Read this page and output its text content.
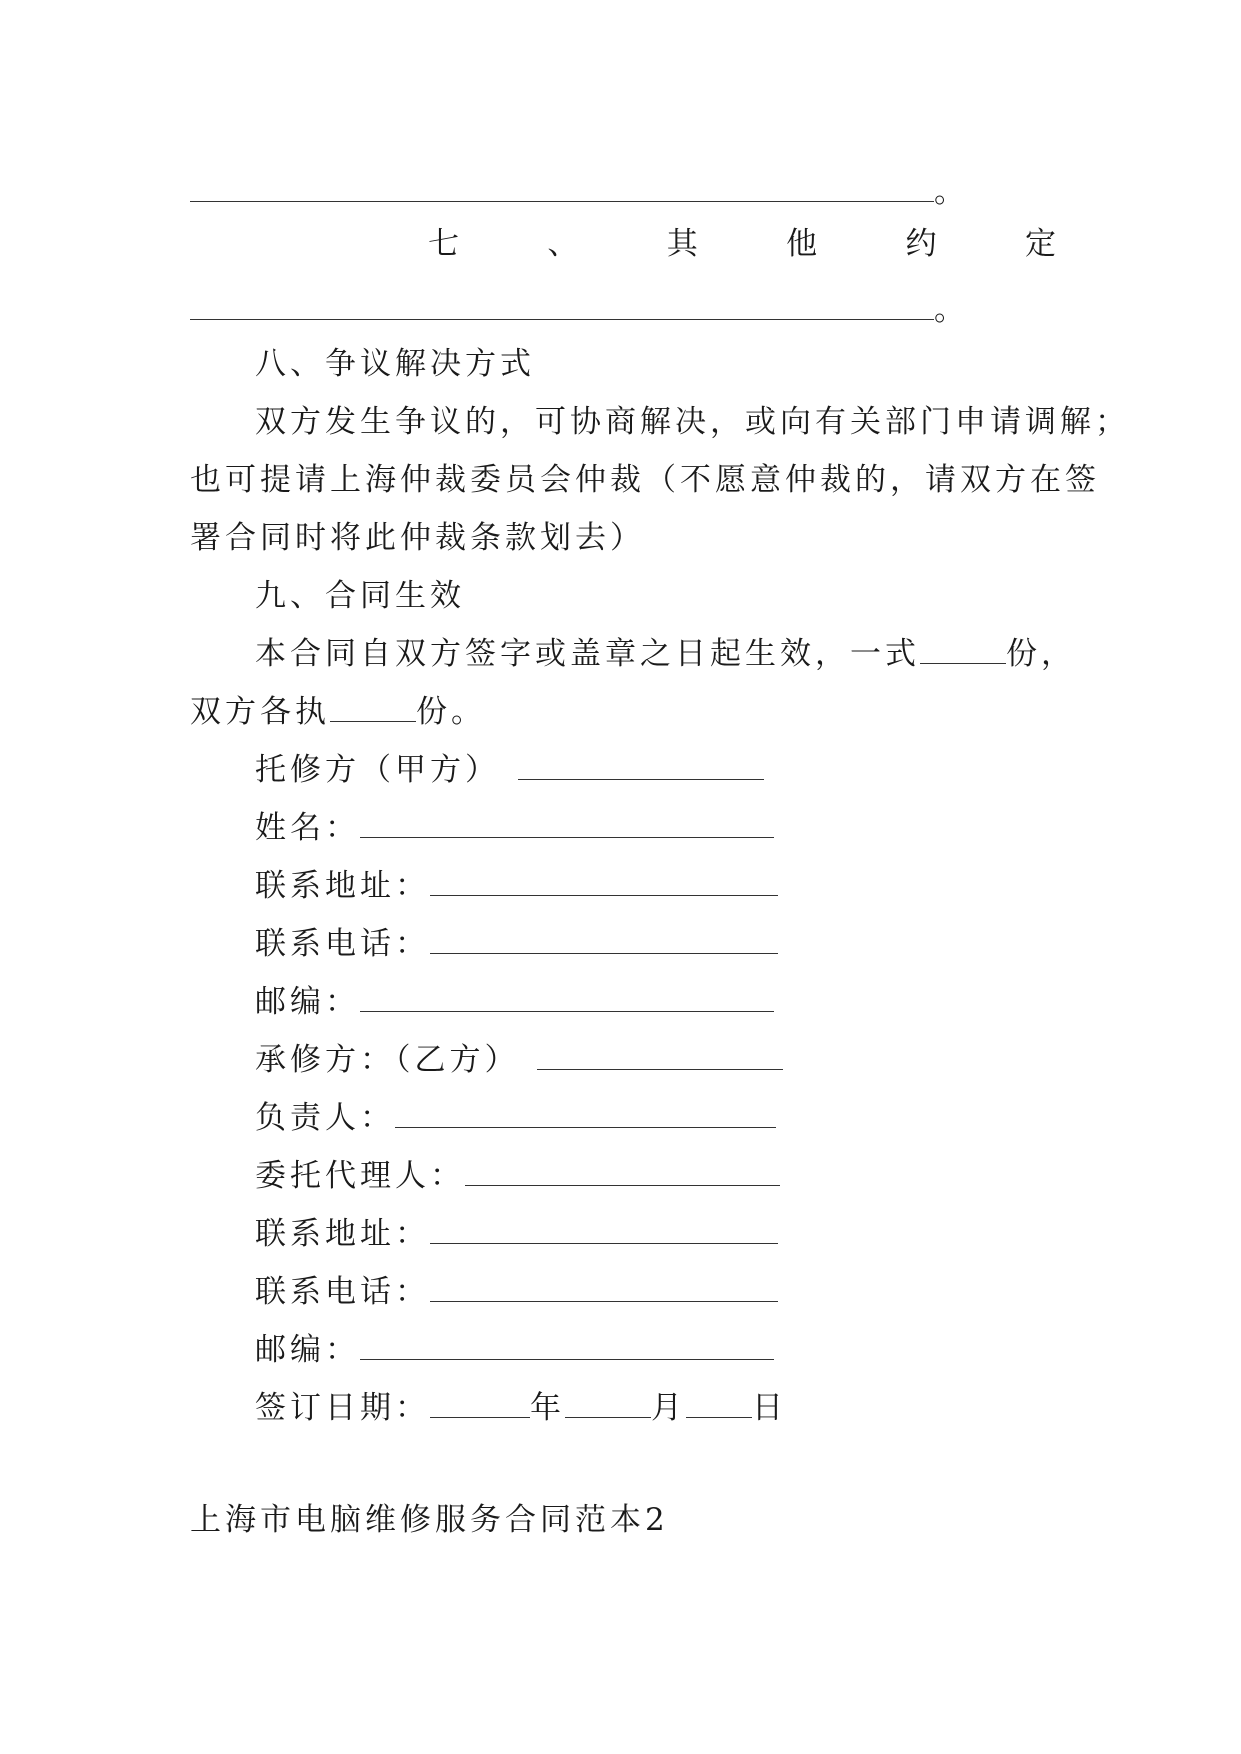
。
七	、	其	他	约	定
。
八、争议解决方式
双方发生争议的，可协商解决，或向有关部门申请调解；
也可提请上海仲裁委员会仲裁（不愿意仲裁的，请双方在签
署合同时将此仲裁条款划去）
九、合同生效
本合同自双方签字或盖章之日起生效，一式	份，
双方各执	份。
托修方（甲方）
姓名：
联系地址：
联系电话：
邮编：
承修方：（乙方）
负责人：
委托代理人：
联系地址：
联系电话：
邮编：
签订日期：	年	月 日
上海市电脑维修服务合同范本2
